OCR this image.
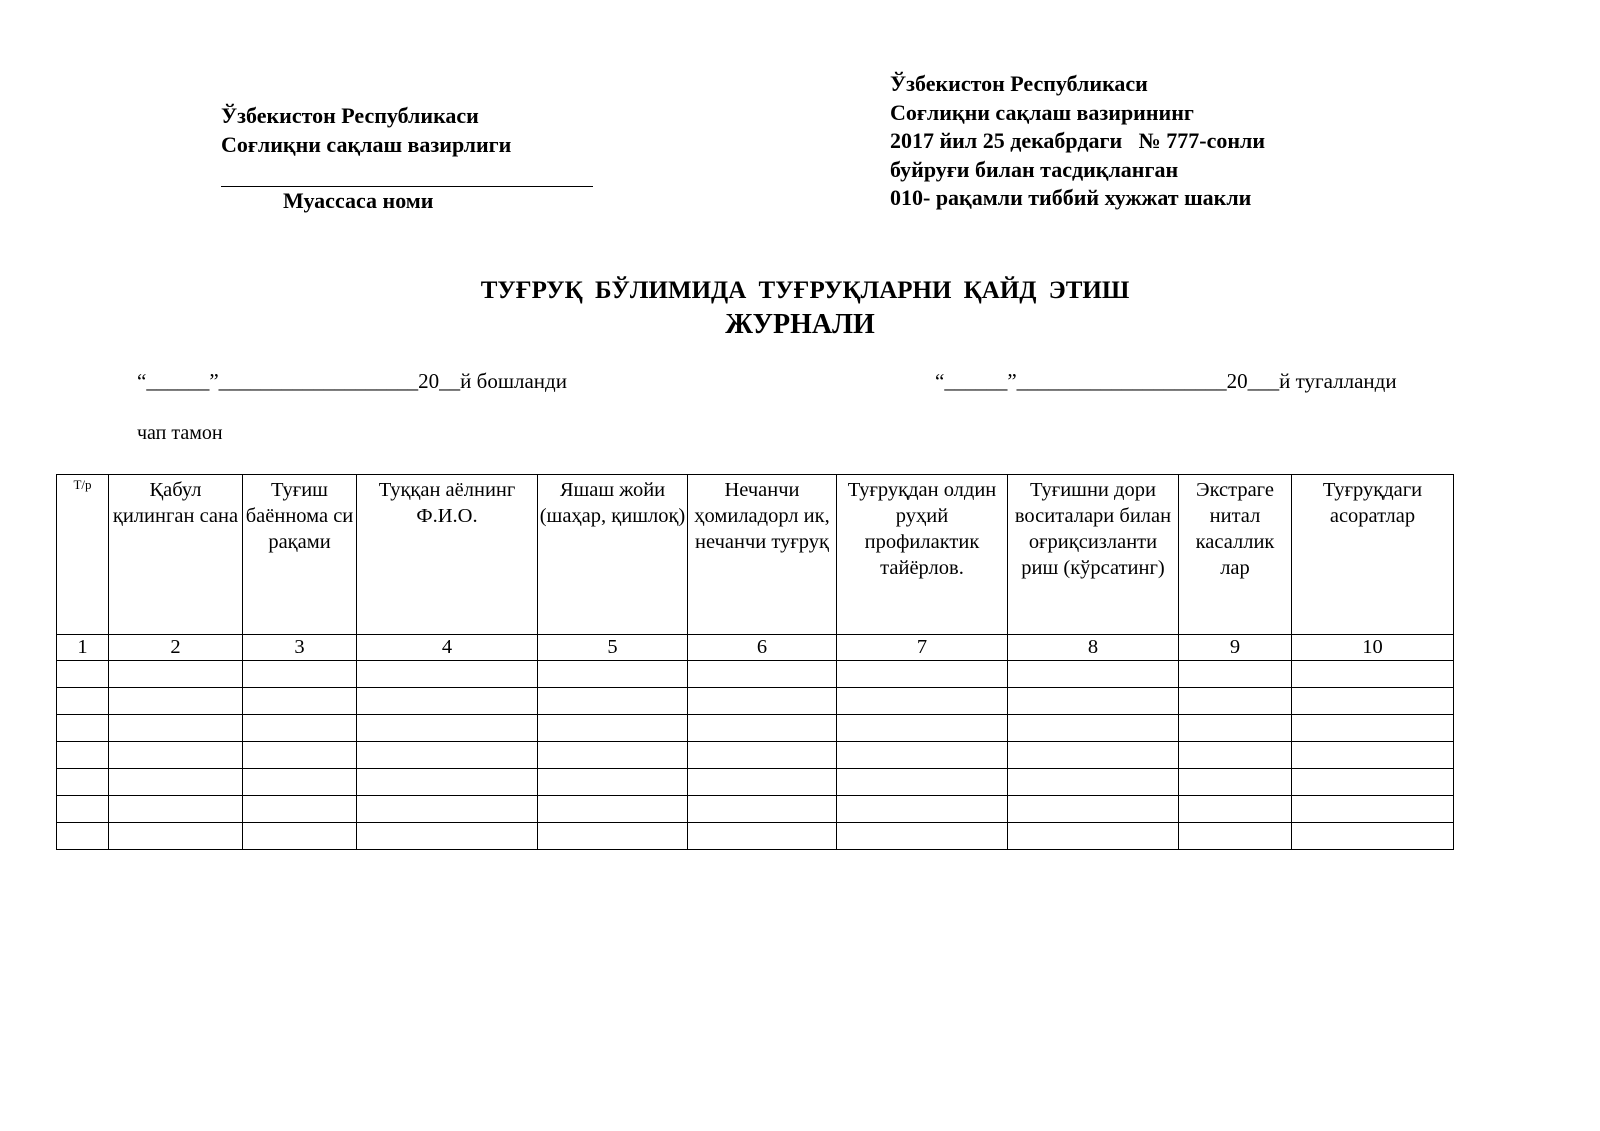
Ўзбекистон Республикаси
Соғлиқни сақлаш вазирлиги
Муассаса номи
Ўзбекистон Республикаси
Соғлиқни сақлаш вазирининг
2017 йил 25 декабрдаги   № 777-сонли
буйруғи билан тасдиқланган
010- рақамли тиббий хужжат шакли
ТУҒРУҚ БЎЛИМИДА ТУҒРУҚЛАРНИ ҚАЙД ЭТИШ
ЖУРНАЛИ
“______”___________________20__й бошланди	“______”____________________20___й тугалланди
чап тамон
Т/р	Қабул қилинган сана	Туғиш баённома си рақами	Туққан аёлнинг Ф.И.О.	Яшаш жойи (шаҳар, қишлоқ)	Нечанчи ҳомиладорл ик, нечанчи туғруқ	Туғруқдан олдин руҳий профилактик тайёрлов.	Туғишни дори воситалари билан оғриқсизланти риш (кўрсатинг)	Экстраге нитал касаллик лар	Туғруқдаги асоратлар
1	2	3	4	5	6	7	8	9	10
